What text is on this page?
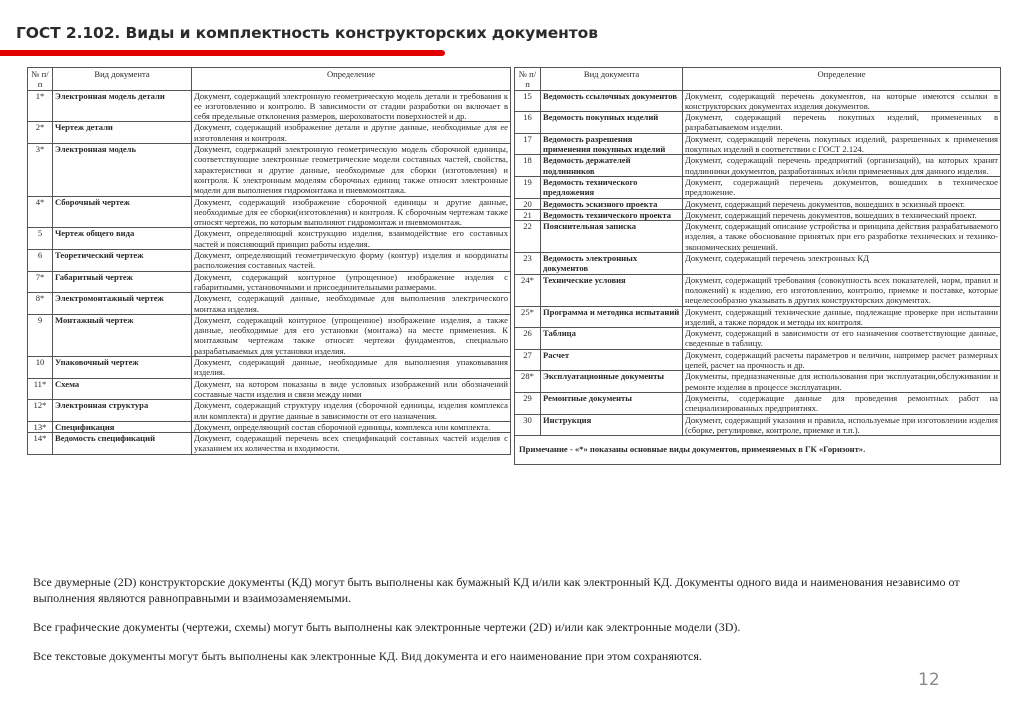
ГОСТ 2.102. Виды и комплектность конструкторских документов
№ п/п	Вид документа	Определение
1*	Электронная модель детали	Документ, содержащий электронную геометрическую модель детали и требования к ее изготовлению и контролю. В зависимости от стадии разработки он включает в себя предельные отклонения размеров, шероховатости поверхностей и др.
2*	Чертеж детали	Документ, содержащий изображение детали и другие данные, необходимые для ее изготовления и контроля.
3*	Электронная модель	Документ, содержащий электронную геометрическую модель сборочной единицы, соответствующие электронные геометрические модели составных частей, свойства, характеристики и другие данные, необходимые для сборки (изготовления) и контроля. К электронным моделям сборочных единиц также относят электронные модели для выполнения гидромонтажа и пневмомонтажа.
4*	Сборочный чертеж	Документ, содержащий изображение сборочной единицы и другие данные, необходимые для ее сборки(изготовления) и контроля. К сборочным чертежам также относят чертежи, по которым выполняют гидромонтаж и пневмомонтаж.
5	Чертеж общего вида	Документ, определяющий конструкцию изделия, взаимодействие его составных частей и поясняющий принцип работы изделия.
6	Теоретический чертеж	Документ, определяющий геометрическую форму (контур) изделия и координаты расположения составных частей.
7*	Габаритный чертеж	Документ, содержащий контурное (упрощенное) изображение изделия с габаритными, установочными и присоединительными размерами.
8*	Электромонтажный чертеж	Документ, содержащий данные, необходимые для выполнения электрического монтажа изделия.
9	Монтажный чертеж	Документ, содержащий контурное (упрощенное) изображение изделия, а также данные, необходимые для его установки (монтажа) на месте применения. К монтажным чертежам также относят чертежи фундаментов, специально разрабатываемых для установки изделия.
10	Упаковочный чертеж	Документ, содержащий данные, необходимые для выполнения упаковывания изделия.
11*	Схема	Документ, на котором показаны в виде условных изображений или обозначений составные части изделия и связи между ними
12*	Электронная структура	Документ, содержащий структуру изделия (сборочной единицы, изделия комплекса или комплекта) и другие данные в зависимости от его назначения.
13*	Спецификация	Документ, определяющий состав сборочной единицы, комплекса или комплекта.
14*	Ведомость спецификаций	Документ, содержащий перечень всех спецификаций составных частей изделия с указанием их количества и входимости.
№ п/п	Вид документа	Определение
15	Ведомость ссылочных документов	Документ, содержащий перечень документов, на которые имеются ссылки в конструкторских документах изделия документов.
16	Ведомость покупных изделий	Документ, содержащий перечень покупных изделий, примененных в разрабатываемом изделии.
17	Ведомость разрешения применения покупных изделий	Документ, содержащий перечень покупных изделий, разрешенных к применения покупных изделий в соответствии с ГОСТ 2.124.
18	Ведомость держателей подлинников	Документ, содержащий перечень предприятий (организаций), на которых хранят подлинники документов, разработанных и/или примененных для данного изделия.
19	Ведомость технического предложения	Документ, содержащий перечень документов, вошедших в техническое предложение.
20	Ведомость эскизного проекта	Документ, содержащий перечень документов, вошедших в эскизный проект.
21	Ведомость технического проекта	Документ, содержащий перечень документов, вошедших в технический проект.
22	Пояснительная записка	Документ, содержащий описание устройства и принципа действия разрабатываемого изделия, а также обоснование принятых при его разработке технических и технико-экономических решений.
23	Ведомость электронных документов	Документ, содержащий перечень электронных КД
24*	Технические условия	Документ, содержащий требования (совокупность всех показателей, норм, правил и положений) к изделию, его изготовлению, контролю, приемке и поставке, которые нецелесообразно указывать в других конструкторских документах.
25*	Программа и методика испытаний	Документ, содержащий технические данные, подлежащие проверке при испытании изделий, а также порядок и методы их контроля.
26	Таблица	Документ, содержащий в зависимости от его назначения соответствующие данные, сведенные в таблицу.
27	Расчет	Документ, содержащий расчеты параметров и величин, например расчет размерных цепей, расчет на прочность и др.
28*	Эксплуатационные документы	Документы, предназначенные для использования при эксплуатации,обслуживании и ремонте изделия в процессе эксплуатации.
29	Ремонтные документы	Документы, содержащие данные для проведения ремонтных работ на специализированных предприятиях.
30	Инструкция	Документ, содержащий указания и правила, используемые при изготовлении изделия (сборке, регулировке, контроле, приемке и т.п.).
Примечание - «*» показаны основные виды документов, применяемых в ГК «Горизонт».		
Все двумерные (2D) конструкторские документы (КД) могут быть выполнены как бумажный КД и/или как электронный КД. Документы одного вида и наименования независимо от выполнения являются равноправными и взаимозаменяемыми.
Все графические документы (чертежи, схемы) могут быть выполнены как электронные чертежи (2D) и/или как электронные модели (3D).
Все текстовые документы могут быть выполнены как электронные КД. Вид документа и его наименование при этом сохраняются.
12
